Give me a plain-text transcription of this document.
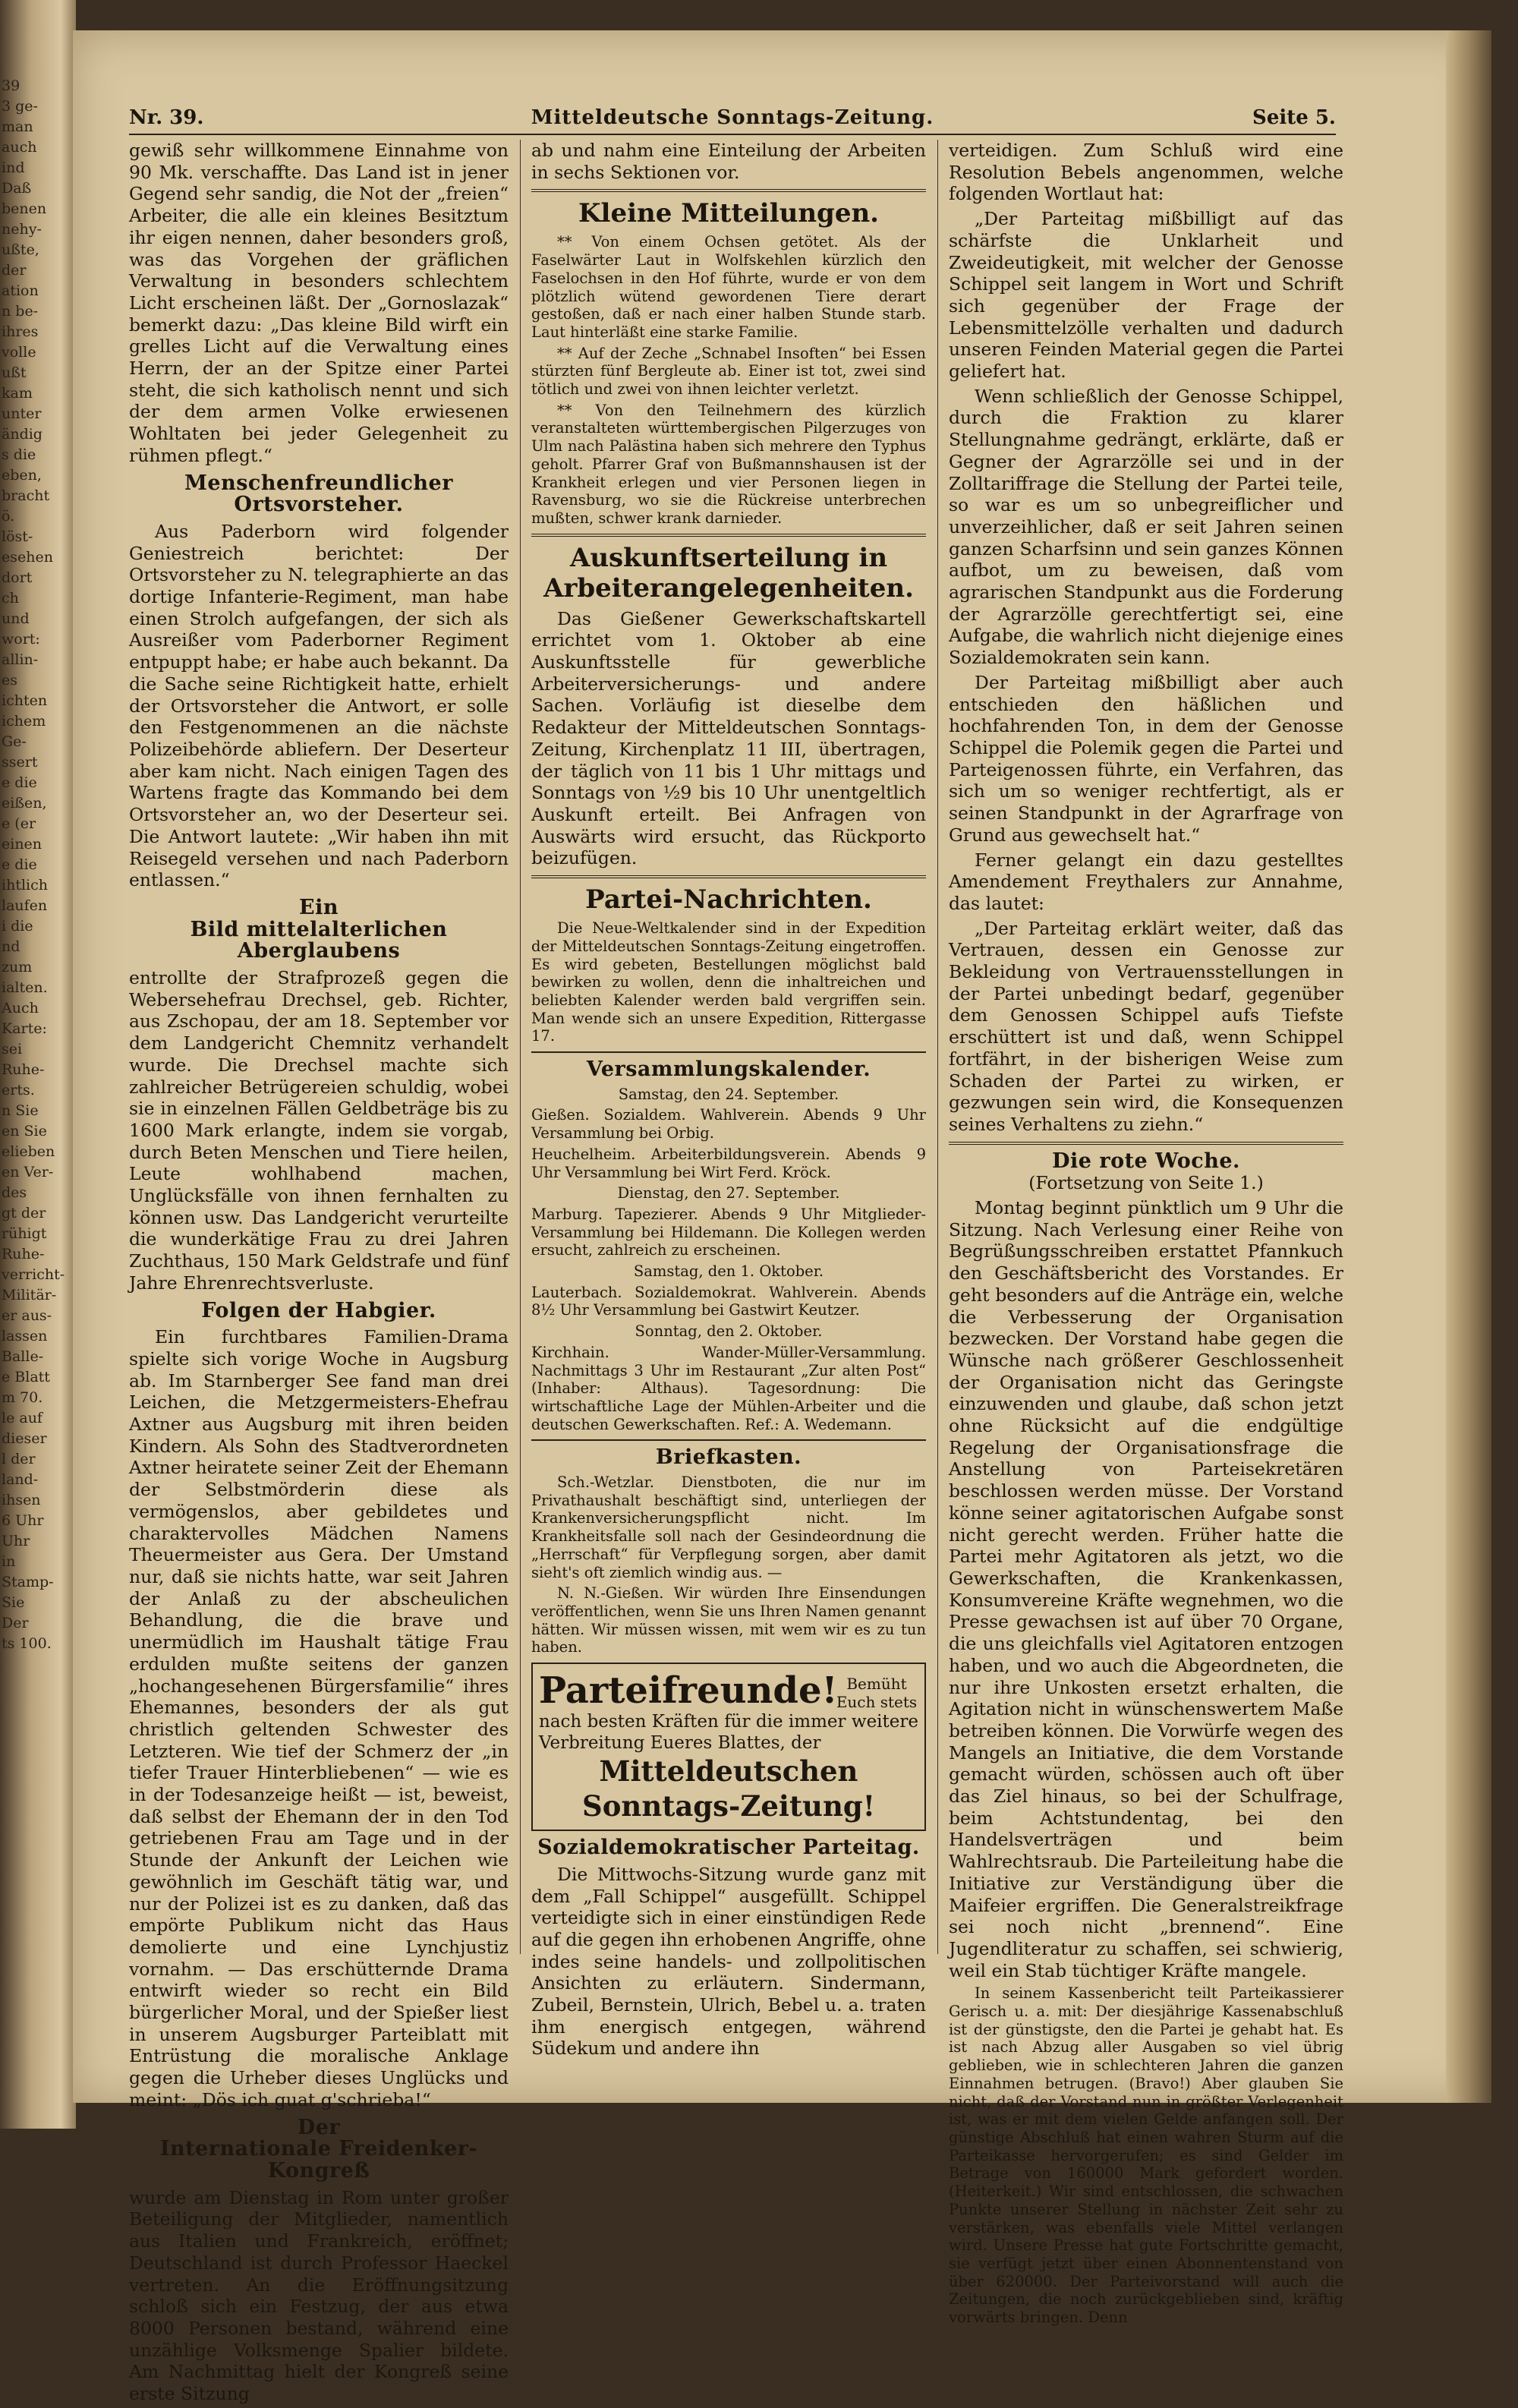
39
3 ge-
man
auch
ind
Daß
benen
nehy-
ußte,
der
ation
n be-
ihres
volle
ußt
kam
unter
ändig
s die
eben,
bracht
ö.
löst-
esehen
dort
ch
und
wort:
allin-
es
ichten
ichem
Ge-
ssert
e die
eißen,
e (er
einen
e die
ihtlich
laufen
i die
nd
zum
ialten.
Auch
Karte:
sei
Ruhe-
erts.
n Sie
en Sie
elieben
en Ver-
des
gt der
rühigt
Ruhe-
verricht-
Militär-
er aus-
lassen
Balle-
e Blatt
m 70.
le auf
dieser
l der
land-
ihsen
6 Uhr
Uhr
in
Stamp-
Sie
Der
ts 100.
Nr. 39.	Mitteldeutsche Sonntags-Zeitung.	Seite 5.

gewiß sehr willkommene Einnahme von 90 Mk. verschaffte. Das Land ist in jener Gegend sehr sandig, die Not der „freien“ Arbeiter, die alle ein kleines Besitztum ihr eigen nennen, daher besonders groß, was das Vorgehen der gräflichen Verwaltung in besonders schlechtem Licht erscheinen läßt. Der „Gornoslazak“ bemerkt dazu: „Das kleine Bild wirft ein grelles Licht auf die Verwaltung eines Herrn, der an der Spitze einer Partei steht, die sich katholisch nennt und sich der dem armen Volke erwiesenen Wohltaten bei jeder Gelegenheit zu rühmen pflegt.“

Menschenfreundlicher Ortsvorsteher.

Aus Paderborn wird folgender Geniestreich berichtet: Der Ortsvorsteher zu N. telegraphierte an das dortige Infanterie-Regiment, man habe einen Strolch aufgefangen, der sich als Ausreißer vom Paderborner Regiment entpuppt habe; er habe auch bekannt. Da die Sache seine Richtigkeit hatte, erhielt der Ortsvorsteher die Antwort, er solle den Festgenommenen an die nächste Polizeibehörde abliefern. Der Deserteur aber kam nicht. Nach einigen Tagen des Wartens fragte das Kommando bei dem Ortsvorsteher an, wo der Deserteur sei. Die Antwort lautete: „Wir haben ihn mit Reisegeld versehen und nach Paderborn entlassen.“

Ein
Bild mittelalterlichen Aberglaubens

entrollte der Strafprozeß gegen die Webersehefrau Drechsel, geb. Richter, aus Zschopau, der am 18. September vor dem Landgericht Chemnitz verhandelt wurde. Die Drechsel machte sich zahlreicher Betrügereien schuldig, wobei sie in einzelnen Fällen Geldbeträge bis zu 1600 Mark erlangte, indem sie vorgab, durch Beten Menschen und Tiere heilen, Leute wohlhabend machen, Unglücksfälle von ihnen fernhalten zu können usw. Das Landgericht verurteilte die wunderkätige Frau zu drei Jahren Zuchthaus, 150 Mark Geldstrafe und fünf Jahre Ehrenrechtsverluste.

Folgen der Habgier.

Ein furchtbares Familien-Drama spielte sich vorige Woche in Augsburg ab. Im Starnberger See fand man drei Leichen, die Metzgermeisters-Ehefrau Axtner aus Augsburg mit ihren beiden Kindern. Als Sohn des Stadtverordneten Axtner heiratete seiner Zeit der Ehemann der Selbstmörderin diese als vermögenslos, aber gebildetes und charaktervolles Mädchen Namens Theuermeister aus Gera. Der Umstand nur, daß sie nichts hatte, war seit Jahren der Anlaß zu der abscheulichen Behandlung, die die brave und unermüdlich im Haushalt tätige Frau erdulden mußte seitens der ganzen „hochangesehenen Bürgersfamilie“ ihres Ehemannes, besonders der als gut christlich geltenden Schwester des Letzteren. Wie tief der Schmerz der „in tiefer Trauer Hinterbliebenen“ — wie es in der Todesanzeige heißt — ist, beweist, daß selbst der Ehemann der in den Tod getriebenen Frau am Tage und in der Stunde der Ankunft der Leichen wie gewöhnlich im Geschäft tätig war, und nur der Polizei ist es zu danken, daß das empörte Publikum nicht das Haus demolierte und eine Lynchjustiz vornahm. — Das erschütternde Drama entwirft wieder so recht ein Bild bürgerlicher Moral, und der Spießer liest in unserem Augsburger Parteiblatt mit Entrüstung die moralische Anklage gegen die Urheber dieses Unglücks und meint: „Dös ich guat g'schrieba!“

Der
Internationale Freidenker-Kongreß

wurde am Dienstag in Rom unter großer Beteiligung der Mitglieder, namentlich aus Italien und Frankreich, eröffnet; Deutschland ist durch Professor Haeckel vertreten. An die Eröffnungsitzung schloß sich ein Festzug, der aus etwa 8000 Personen bestand, während eine unzählige Volksmenge Spalier bildete. Am Nachmittag hielt der Kongreß seine erste Sitzung

ab und nahm eine Einteilung der Arbeiten in sechs Sektionen vor.

Kleine Mitteilungen.

** Von einem Ochsen getötet. Als der Faselwärter Laut in Wolfskehlen kürzlich den Faselochsen in den Hof führte, wurde er von dem plötzlich wütend gewordenen Tiere derart gestoßen, daß er nach einer halben Stunde starb. Laut hinterläßt eine starke Familie.

** Auf der Zeche „Schnabel Insoften“ bei Essen stürzten fünf Bergleute ab. Einer ist tot, zwei sind tötlich und zwei von ihnen leichter verletzt.

** Von den Teilnehmern des kürzlich veranstalteten württembergischen Pilgerzuges von Ulm nach Palästina haben sich mehrere den Typhus geholt. Pfarrer Graf von Bußmannshausen ist der Krankheit erlegen und vier Personen liegen in Ravensburg, wo sie die Rückreise unterbrechen mußten, schwer krank darnieder.

Auskunftserteilung in Arbeiterangelegenheiten.

Das Gießener Gewerkschaftskartell errichtet vom 1. Oktober ab eine Auskunftsstelle für gewerbliche Arbeiterversicherungs- und andere Sachen. Vorläufig ist dieselbe dem Redakteur der Mitteldeutschen Sonntags-Zeitung, Kirchenplatz 11 III, übertragen, der täglich von 11 bis 1 Uhr mittags und Sonntags von ½9 bis 10 Uhr unentgeltlich Auskunft erteilt. Bei Anfragen von Auswärts wird ersucht, das Rückporto beizufügen.

Partei-Nachrichten.

Die Neue-Weltkalender sind in der Expedition der Mitteldeutschen Sonntags-Zeitung eingetroffen. Es wird gebeten, Bestellungen möglichst bald bewirken zu wollen, denn die inhaltreichen und beliebten Kalender werden bald vergriffen sein. Man wende sich an unsere Expedition, Rittergasse 17.

Versammlungskalender.

Samstag, den 24. September.

Gießen. Sozialdem. Wahlverein. Abends 9 Uhr Versammlung bei Orbig.

Heuchelheim. Arbeiterbildungsverein. Abends 9 Uhr Versammlung bei Wirt Ferd. Kröck.

Dienstag, den 27. September.

Marburg. Tapezierer. Abends 9 Uhr Mitglieder-Versammlung bei Hildemann. Die Kollegen werden ersucht, zahlreich zu erscheinen.

Samstag, den 1. Oktober.

Lauterbach. Sozialdemokrat. Wahlverein. Abends 8½ Uhr Versammlung bei Gastwirt Keutzer.

Sonntag, den 2. Oktober.

Kirchhain. Wander-Müller-Versammlung. Nachmittags 3 Uhr im Restaurant „Zur alten Post“ (Inhaber: Althaus). Tagesordnung: Die wirtschaftliche Lage der Mühlen-Arbeiter und die deutschen Gewerkschaften. Ref.: A. Wedemann.

Briefkasten.

Sch.-Wetzlar. Dienstboten, die nur im Privathaushalt beschäftigt sind, unterliegen der Krankenversicherungspflicht nicht. Im Krankheitsfalle soll nach der Gesindeordnung die „Herrschaft“ für Verpflegung sorgen, aber damit sieht's oft ziemlich windig aus. —

N. N.-Gießen. Wir würden Ihre Einsendungen veröffentlichen, wenn Sie uns Ihren Namen genannt hätten. Wir müssen wissen, mit wem wir es zu tun haben.

Parteifreunde! Bemüht Euch stets
nach besten Kräften für die immer weitere Verbreitung Eueres Blattes, der
Mitteldeutschen Sonntags-Zeitung!
Sozialdemokratischer Parteitag.

Die Mittwochs-Sitzung wurde ganz mit dem „Fall Schippel“ ausgefüllt. Schippel verteidigte sich in einer einstündigen Rede auf die gegen ihn erhobenen Angriffe, ohne indes seine handels- und zollpolitischen Ansichten zu erläutern. Sindermann, Zubeil, Bernstein, Ulrich, Bebel u. a. traten ihm energisch entgegen, während Südekum und andere ihn

verteidigen. Zum Schluß wird eine Resolution Bebels angenommen, welche folgenden Wortlaut hat:

„Der Parteitag mißbilligt auf das schärfste die Unklarheit und Zweideutigkeit, mit welcher der Genosse Schippel seit langem in Wort und Schrift sich gegenüber der Frage der Lebensmittelzölle verhalten und dadurch unseren Feinden Material gegen die Partei geliefert hat.

Wenn schließlich der Genosse Schippel, durch die Fraktion zu klarer Stellungnahme gedrängt, erklärte, daß er Gegner der Agrarzölle sei und in der Zolltariffrage die Stellung der Partei teile, so war es um so unbegreiflicher und unverzeihlicher, daß er seit Jahren seinen ganzen Scharfsinn und sein ganzes Können aufbot, um zu beweisen, daß vom agrarischen Standpunkt aus die Forderung der Agrarzölle gerechtfertigt sei, eine Aufgabe, die wahrlich nicht diejenige eines Sozialdemokraten sein kann.

Der Parteitag mißbilligt aber auch entschieden den häßlichen und hochfahrenden Ton, in dem der Genosse Schippel die Polemik gegen die Partei und Parteigenossen führte, ein Verfahren, das sich um so weniger rechtfertigt, als er seinen Standpunkt in der Agrarfrage von Grund aus gewechselt hat.“

Ferner gelangt ein dazu gestelltes Amendement Freythalers zur Annahme, das lautet:

„Der Parteitag erklärt weiter, daß das Vertrauen, dessen ein Genosse zur Bekleidung von Vertrauensstellungen in der Partei unbedingt bedarf, gegenüber dem Genossen Schippel aufs Tiefste erschüttert ist und daß, wenn Schippel fortfährt, in der bisherigen Weise zum Schaden der Partei zu wirken, er gezwungen sein wird, die Konsequenzen seines Verhaltens zu ziehn.“

Die rote Woche.

(Fortsetzung von Seite 1.)

Montag beginnt pünktlich um 9 Uhr die Sitzung. Nach Verlesung einer Reihe von Begrüßungsschreiben erstattet Pfannkuch den Geschäftsbericht des Vorstandes. Er geht besonders auf die Anträge ein, welche die Verbesserung der Organisation bezwecken. Der Vorstand habe gegen die Wünsche nach größerer Geschlossenheit der Organisation nicht das Geringste einzuwenden und glaube, daß schon jetzt ohne Rücksicht auf die endgültige Regelung der Organisationsfrage die Anstellung von Parteisekretären beschlossen werden müsse. Der Vorstand könne seiner agitatorischen Aufgabe sonst nicht gerecht werden. Früher hatte die Partei mehr Agitatoren als jetzt, wo die Gewerkschaften, die Krankenkassen, Konsumvereine Kräfte wegnehmen, wo die Presse gewachsen ist auf über 70 Organe, die uns gleichfalls viel Agitatoren entzogen haben, und wo auch die Abgeordneten, die nur ihre Unkosten ersetzt erhalten, die Agitation nicht in wünschenswertem Maße betreiben können. Die Vorwürfe wegen des Mangels an Initiative, die dem Vorstande gemacht würden, schössen auch oft über das Ziel hinaus, so bei der Schulfrage, beim Achtstundentag, bei den Handelsverträgen und beim Wahlrechtsraub. Die Parteileitung habe die Initiative zur Verständigung über die Maifeier ergriffen. Die Generalstreikfrage sei noch nicht „brennend“. Eine Jugendliteratur zu schaffen, sei schwierig, weil ein Stab tüchtiger Kräfte mangele.

In seinem Kassenbericht teilt Parteikassierer Gerisch u. a. mit: Der diesjährige Kassenabschluß ist der günstigste, den die Partei je gehabt hat. Es ist nach Abzug aller Ausgaben so viel übrig geblieben, wie in schlechteren Jahren die ganzen Einnahmen betrugen. (Bravo!) Aber glauben Sie nicht, daß der Vorstand nun in größter Verlegenheit ist, was er mit dem vielen Gelde anfangen soll. Der günstige Abschluß hat einen wahren Sturm auf die Parteikasse hervorgerufen; es sind Gelder im Betrage von 160000 Mark gefordert worden. (Heiterkeit.) Wir sind entschlossen, die schwachen Punkte unserer Stellung in nächster Zeit sehr zu verstärken, was ebenfalls viele Mittel verlangen wird. Unsere Presse hat gute Fortschritte gemacht, sie verfügt jetzt über einen Abonnentenstand von über 620000. Der Parteivorstand will auch die Zeitungen, die noch zurückgeblieben sind, kräftig vorwärts bringen. Denn
